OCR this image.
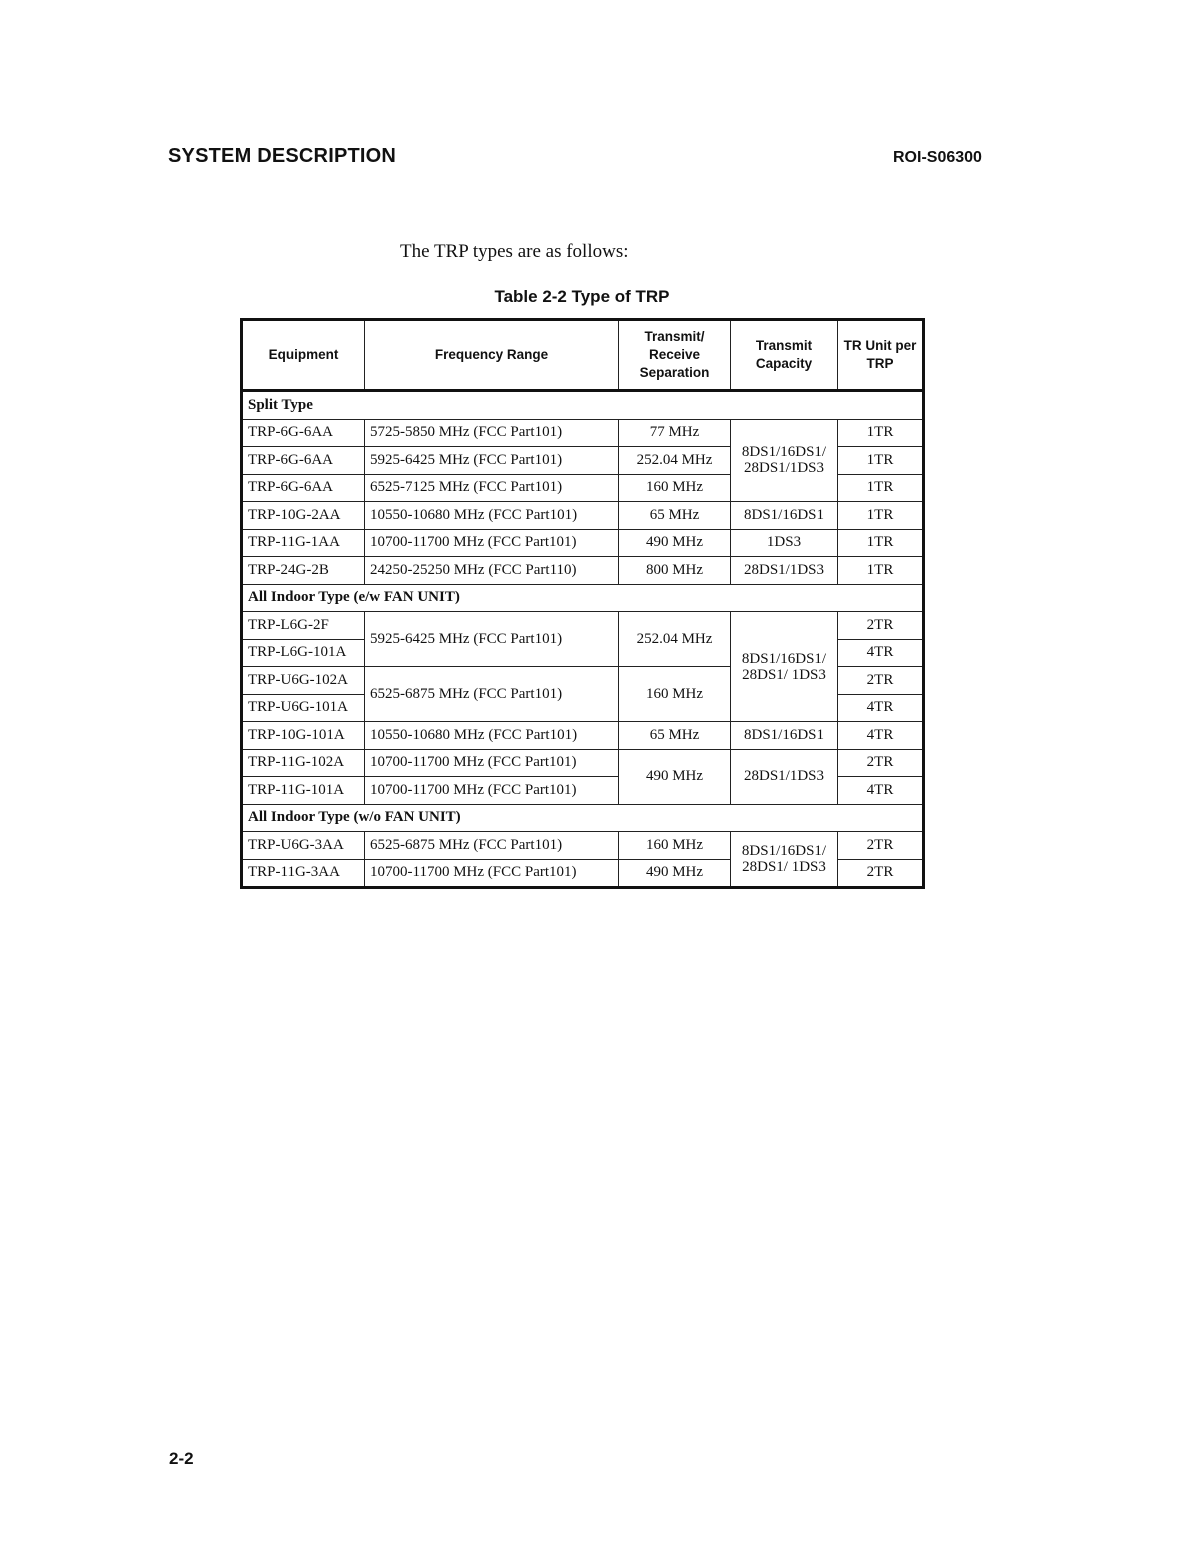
SYSTEM DESCRIPTION	ROI-S06300
The TRP types are as follows:
Table 2-2 Type of TRP
Equipment	Frequency Range	Transmit/ Receive Separation	Transmit Capacity	TR Unit per TRP
Split Type				
TRP-6G-6AA	5725-5850 MHz (FCC Part101)	77 MHz	8DS1/16DS1/ 28DS1/1DS3	1TR
TRP-6G-6AA	5925-6425 MHz (FCC Part101)	252.04 MHz		1TR
TRP-6G-6AA	6525-7125 MHz (FCC Part101)	160 MHz		1TR
TRP-10G-2AA	10550-10680 MHz (FCC Part101)	65 MHz	8DS1/16DS1	1TR
TRP-11G-1AA	10700-11700 MHz (FCC Part101)	490 MHz	1DS3	1TR
TRP-24G-2B	24250-25250 MHz (FCC Part110)	800 MHz	28DS1/1DS3	1TR
All Indoor Type (e/w FAN UNIT)				
TRP-L6G-2F	5925-6425 MHz (FCC Part101)	252.04 MHz	8DS1/16DS1/ 28DS1/ 1DS3	2TR
TRP-L6G-101A				4TR
TRP-U6G-102A	6525-6875 MHz (FCC Part101)	160 MHz		2TR
TRP-U6G-101A				4TR
TRP-10G-101A	10550-10680 MHz (FCC Part101)	65 MHz	8DS1/16DS1	4TR
TRP-11G-102A	10700-11700 MHz (FCC Part101)	490 MHz	28DS1/1DS3	2TR
TRP-11G-101A	10700-11700 MHz (FCC Part101)			4TR
All Indoor Type (w/o FAN UNIT)				
TRP-U6G-3AA	6525-6875 MHz (FCC Part101)	160 MHz	8DS1/16DS1/ 28DS1/ 1DS3	2TR
TRP-11G-3AA	10700-11700 MHz (FCC Part101)	490 MHz		2TR
2-2
